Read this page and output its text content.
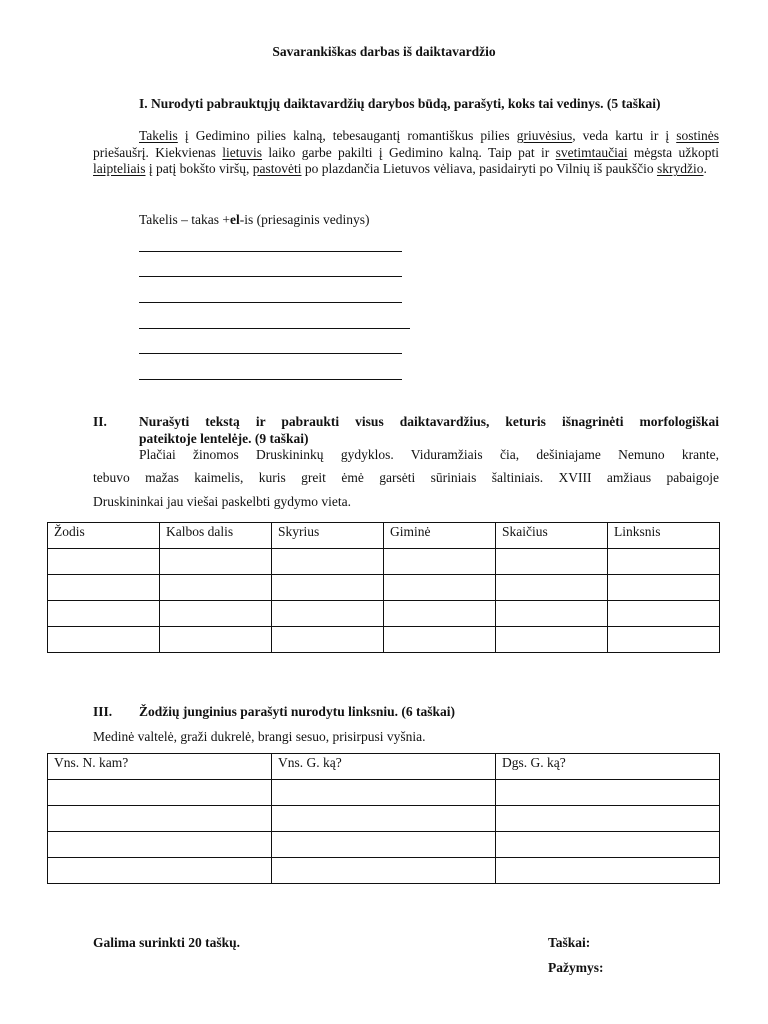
Savarankiškas darbas iš daiktavardžio
I. Nurodyti pabrauktųjų daiktavardžių darybos būdą, parašyti, koks tai vedinys. (5 taškai)
Takelis į Gedimino pilies kalną, tebesaugantį romantiškus pilies griuvėsius, veda kartu ir į sostinės priešaušrį. Kiekvienas lietuvis laiko garbe pakilti į Gedimino kalną. Taip pat ir svetimtaučiai mėgsta užkopti laipteliais į patį bokšto viršų, pastovėti po plazdančia Lietuvos vėliava, pasidairyti po Vilnių iš paukščio skrydžio.
Takelis – takas +el-is (priesaginis vedinys)
II.	Nurašyti tekstą ir pabraukti visus daiktavardžius, keturis išnagrinėti morfologiškai
pateiktoje lentelėje. (9 taškai)
Plačiai žinomos Druskininkų gydyklos. Viduramžiais čia, dešiniajame Nemuno krante,
tebuvo mažas kaimelis, kuris greit ėmė garsėti sūriniais šaltiniais. XVIII amžiaus pabaigoje
Druskininkai jau viešai paskelbti gydymo vieta.
Žodis	Kalbos dalis	Skyrius	Giminė	Skaičius	Linksnis

III.	Žodžių junginius parašyti nurodytu linksniu. (6 taškai)
Medinė valtelė, graži dukrelė, brangi sesuo, prisirpusi vyšnia.
Vns. N. kam?	Vns. G. ką?	Dgs. G. ką?

Galima surinkti 20 taškų.	Taškai:
Pažymys:
